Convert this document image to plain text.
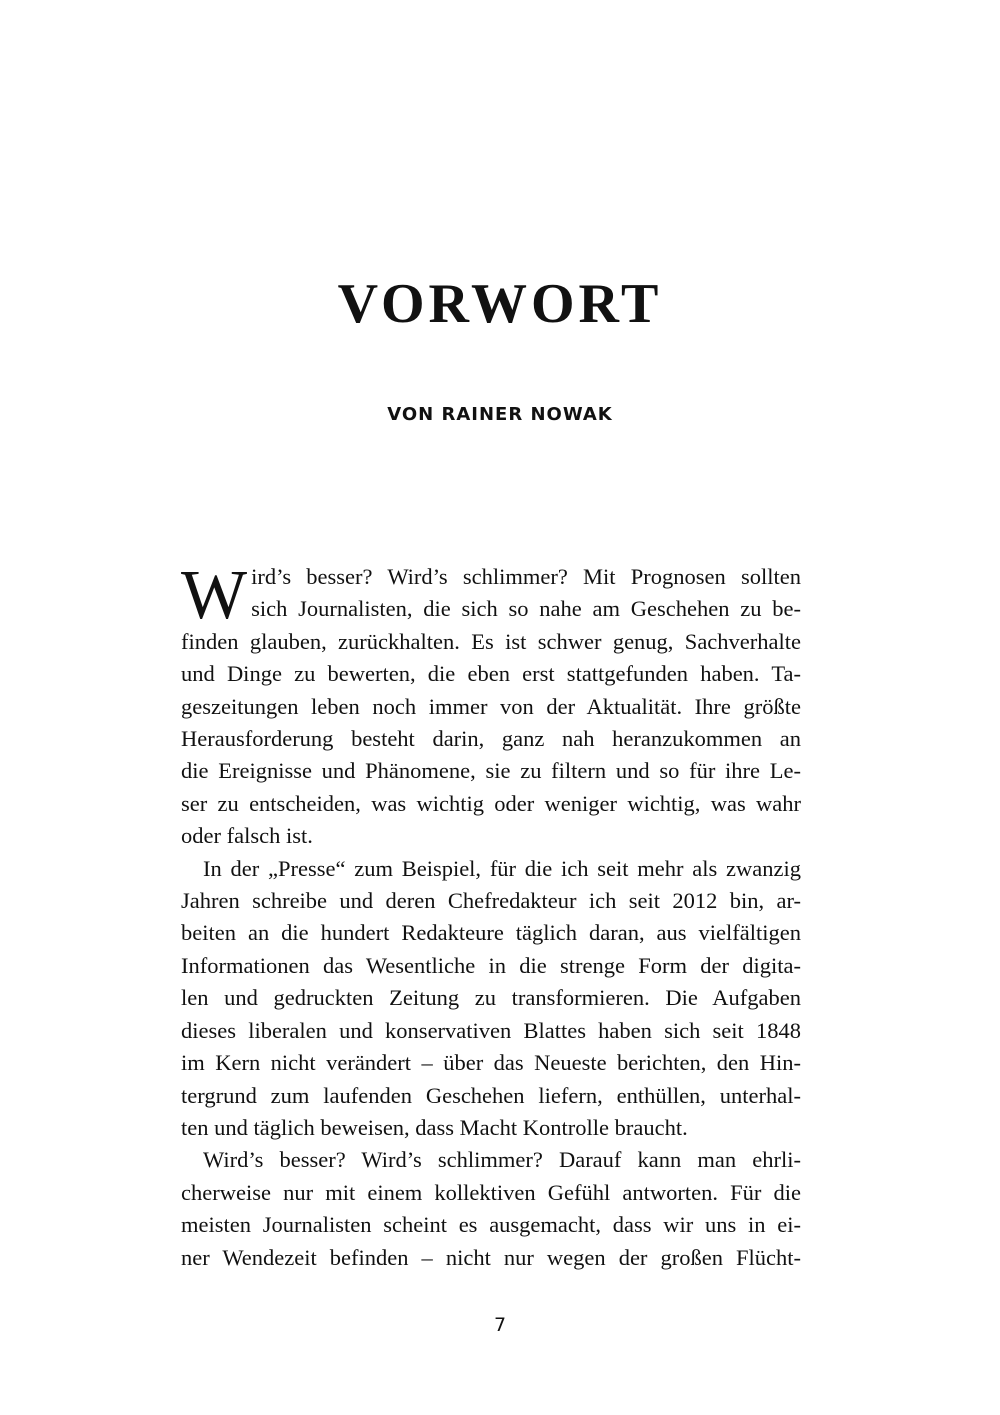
VORWORT
VON RAINER NOWAK

W ird’s besser? Wird’s schlimmer? Mit Prognosen sollten
sich Journalisten, die sich so nahe am Geschehen zu be-
finden glauben, zurückhalten. Es ist schwer genug, Sachverhalte
und Dinge zu bewerten, die eben erst stattgefunden haben. Ta-
geszeitungen leben noch immer von der Aktualität. Ihre größte
Herausforderung besteht darin, ganz nah heranzukommen an
die Ereignisse und Phänomene, sie zu filtern und so für ihre Le-
ser zu entscheiden, was wichtig oder weniger wichtig, was wahr
oder falsch ist.

In der „Presse“ zum Beispiel, für die ich seit mehr als zwanzig
Jahren schreibe und deren Chefredakteur ich seit 2012 bin, ar-
beiten an die hundert Redakteure täglich daran, aus vielfältigen
Informationen das Wesentliche in die strenge Form der digita-
len und gedruckten Zeitung zu transformieren. Die Aufgaben
dieses liberalen und konservativen Blattes haben sich seit 1848
im Kern nicht verändert – über das Neueste berichten, den Hin-
tergrund zum laufenden Geschehen liefern, enthüllen, unterhal-
ten und täglich beweisen, dass Macht Kontrolle braucht.

Wird’s besser? Wird’s schlimmer? Darauf kann man ehrli-
cherweise nur mit einem kollektiven Gefühl antworten. Für die
meisten Journalisten scheint es ausgemacht, dass wir uns in ei-
ner Wendezeit befinden – nicht nur wegen der großen Flücht-

7
